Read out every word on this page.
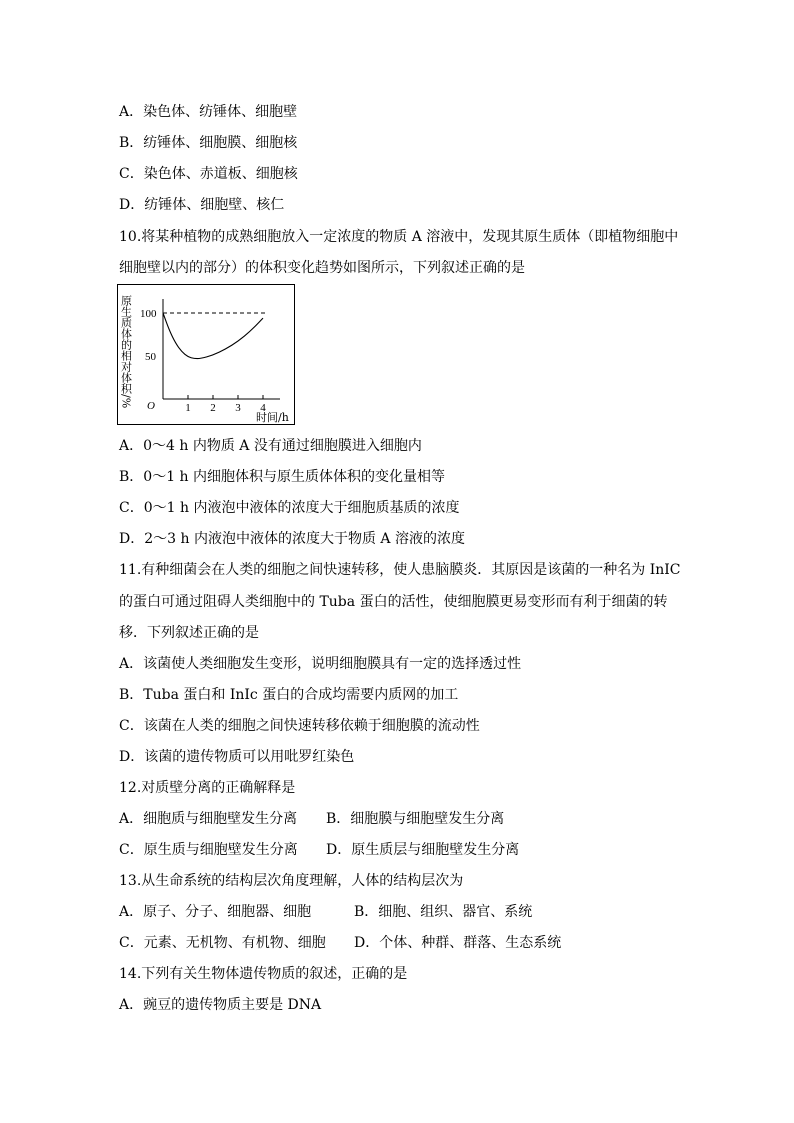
A．染色体、纺锤体、细胞壁
B．纺锤体、细胞膜、细胞核
C．染色体、赤道板、细胞核
D．纺锤体、细胞壁、核仁
10.将某种植物的成熟细胞放入一定浓度的物质 A 溶液中，发现其原生质体（即植物细胞中
细胞壁以内的部分）的体积变化趋势如图所示，下列叙述正确的是
原生质体的相对体积/% 100
50
O	1 2 3 4
时间/h
A．0～4 h 内物质 A 没有通过细胞膜进入细胞内
B．0～1 h 内细胞体积与原生质体体积的变化量相等
C．0～1 h 内液泡中液体的浓度大于细胞质基质的浓度
D．2～3 h 内液泡中液体的浓度大于物质 A 溶液的浓度
11.有种细菌会在人类的细胞之间快速转移，使人患脑膜炎．其原因是该菌的一种名为 InIC
的蛋白可通过阻碍人类细胞中的 Tuba 蛋白的活性，使细胞膜更易变形而有利于细菌的转
移．下列叙述正确的是
A．该菌使人类细胞发生变形，说明细胞膜具有一定的选择透过性
B．Tuba 蛋白和 InIc 蛋白的合成均需要内质网的加工
C．该菌在人类的细胞之间快速转移依赖于细胞膜的流动性
D．该菌的遗传物质可以用吡罗红染色
12.对质壁分离的正确解释是
A．细胞质与细胞壁发生分离 B．细胞膜与细胞壁发生分离
C．原生质与细胞壁发生分离 D．原生质层与细胞壁发生分离
13.从生命系统的结构层次角度理解，人体的结构层次为
A．原子、分子、细胞器、细胞	B．细胞、组织、器官、系统
C．元素、无机物、有机物、细胞 D．个体、种群、群落、生态系统
14.下列有关生物体遗传物质的叙述，正确的是
A．豌豆的遗传物质主要是 DNA
